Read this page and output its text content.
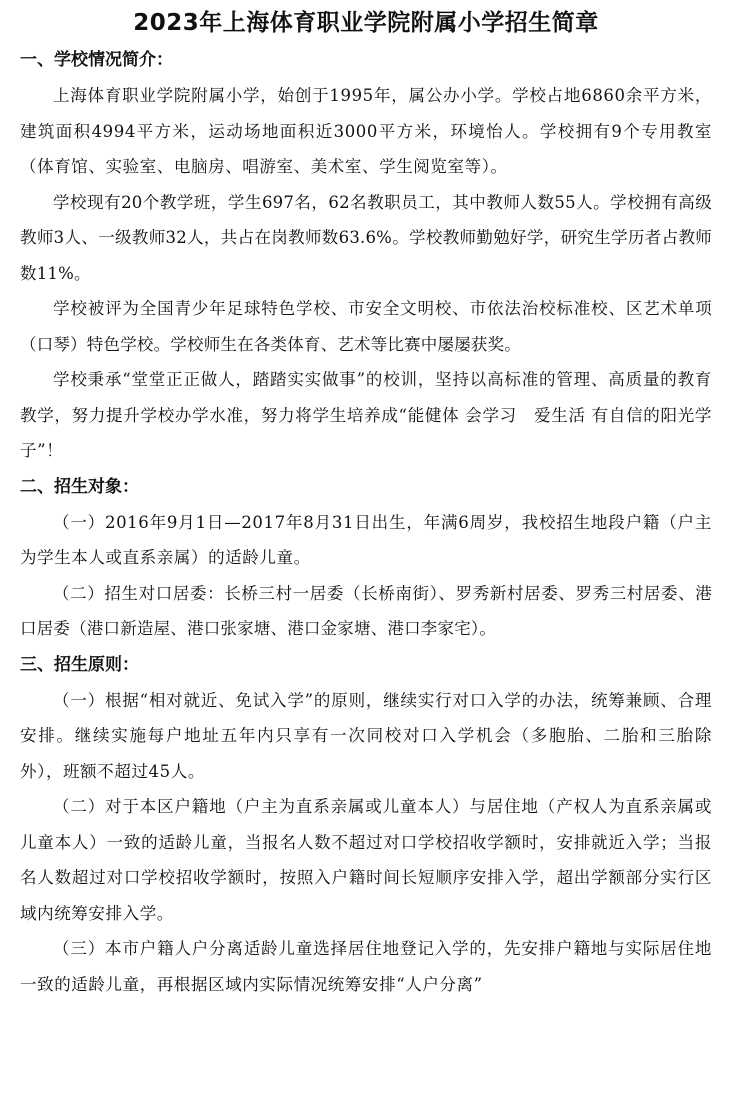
2023年上海体育职业学院附属小学招生简章
一、学校情况简介：

上海体育职业学院附属小学，始创于1995年，属公办小学。学校占地6860余平方米，建筑面积4994平方米，运动场地面积近3000平方米，环境怡人。学校拥有9个专用教室（体育馆、实验室、电脑房、唱游室、美术室、学生阅览室等）。

学校现有20个教学班，学生697名，62名教职员工，其中教师人数55人。学校拥有高级教师3人、一级教师32人，共占在岗教师数63.6%。学校教师勤勉好学，研究生学历者占教师数11%。

学校被评为全国青少年足球特色学校、市安全文明校、市依法治校标准校、区艺术单项（口琴）特色学校。学校师生在各类体育、艺术等比赛中屡屡获奖。

学校秉承“堂堂正正做人，踏踏实实做事”的校训，坚持以高标准的管理、高质量的教育教学，努力提升学校办学水准，努力将学生培养成“能健体 会学习　爱生活 有自信的阳光学子”！

二、招生对象：

（一）2016年9月1日—2017年8月31日出生，年满6周岁，我校招生地段户籍（户主为学生本人或直系亲属）的适龄儿童。

（二）招生对口居委：长桥三村一居委（长桥南街）、罗秀新村居委、罗秀三村居委、港口居委（港口新造屋、港口张家塘、港口金家塘、港口李家宅）。

三、招生原则：

（一）根据“相对就近、免试入学”的原则，继续实行对口入学的办法，统筹兼顾、合理安排。继续实施每户地址五年内只享有一次同校对口入学机会（多胞胎、二胎和三胎除外），班额不超过45人。

（二）对于本区户籍地（户主为直系亲属或儿童本人）与居住地（产权人为直系亲属或儿童本人）一致的适龄儿童，当报名人数不超过对口学校招收学额时，安排就近入学；当报名人数超过对口学校招收学额时，按照入户籍时间长短顺序安排入学，超出学额部分实行区域内统筹安排入学。

（三）本市户籍人户分离适龄儿童选择居住地登记入学的，先安排户籍地与实际居住地一致的适龄儿童，再根据区域内实际情况统筹安排“人户分离”
